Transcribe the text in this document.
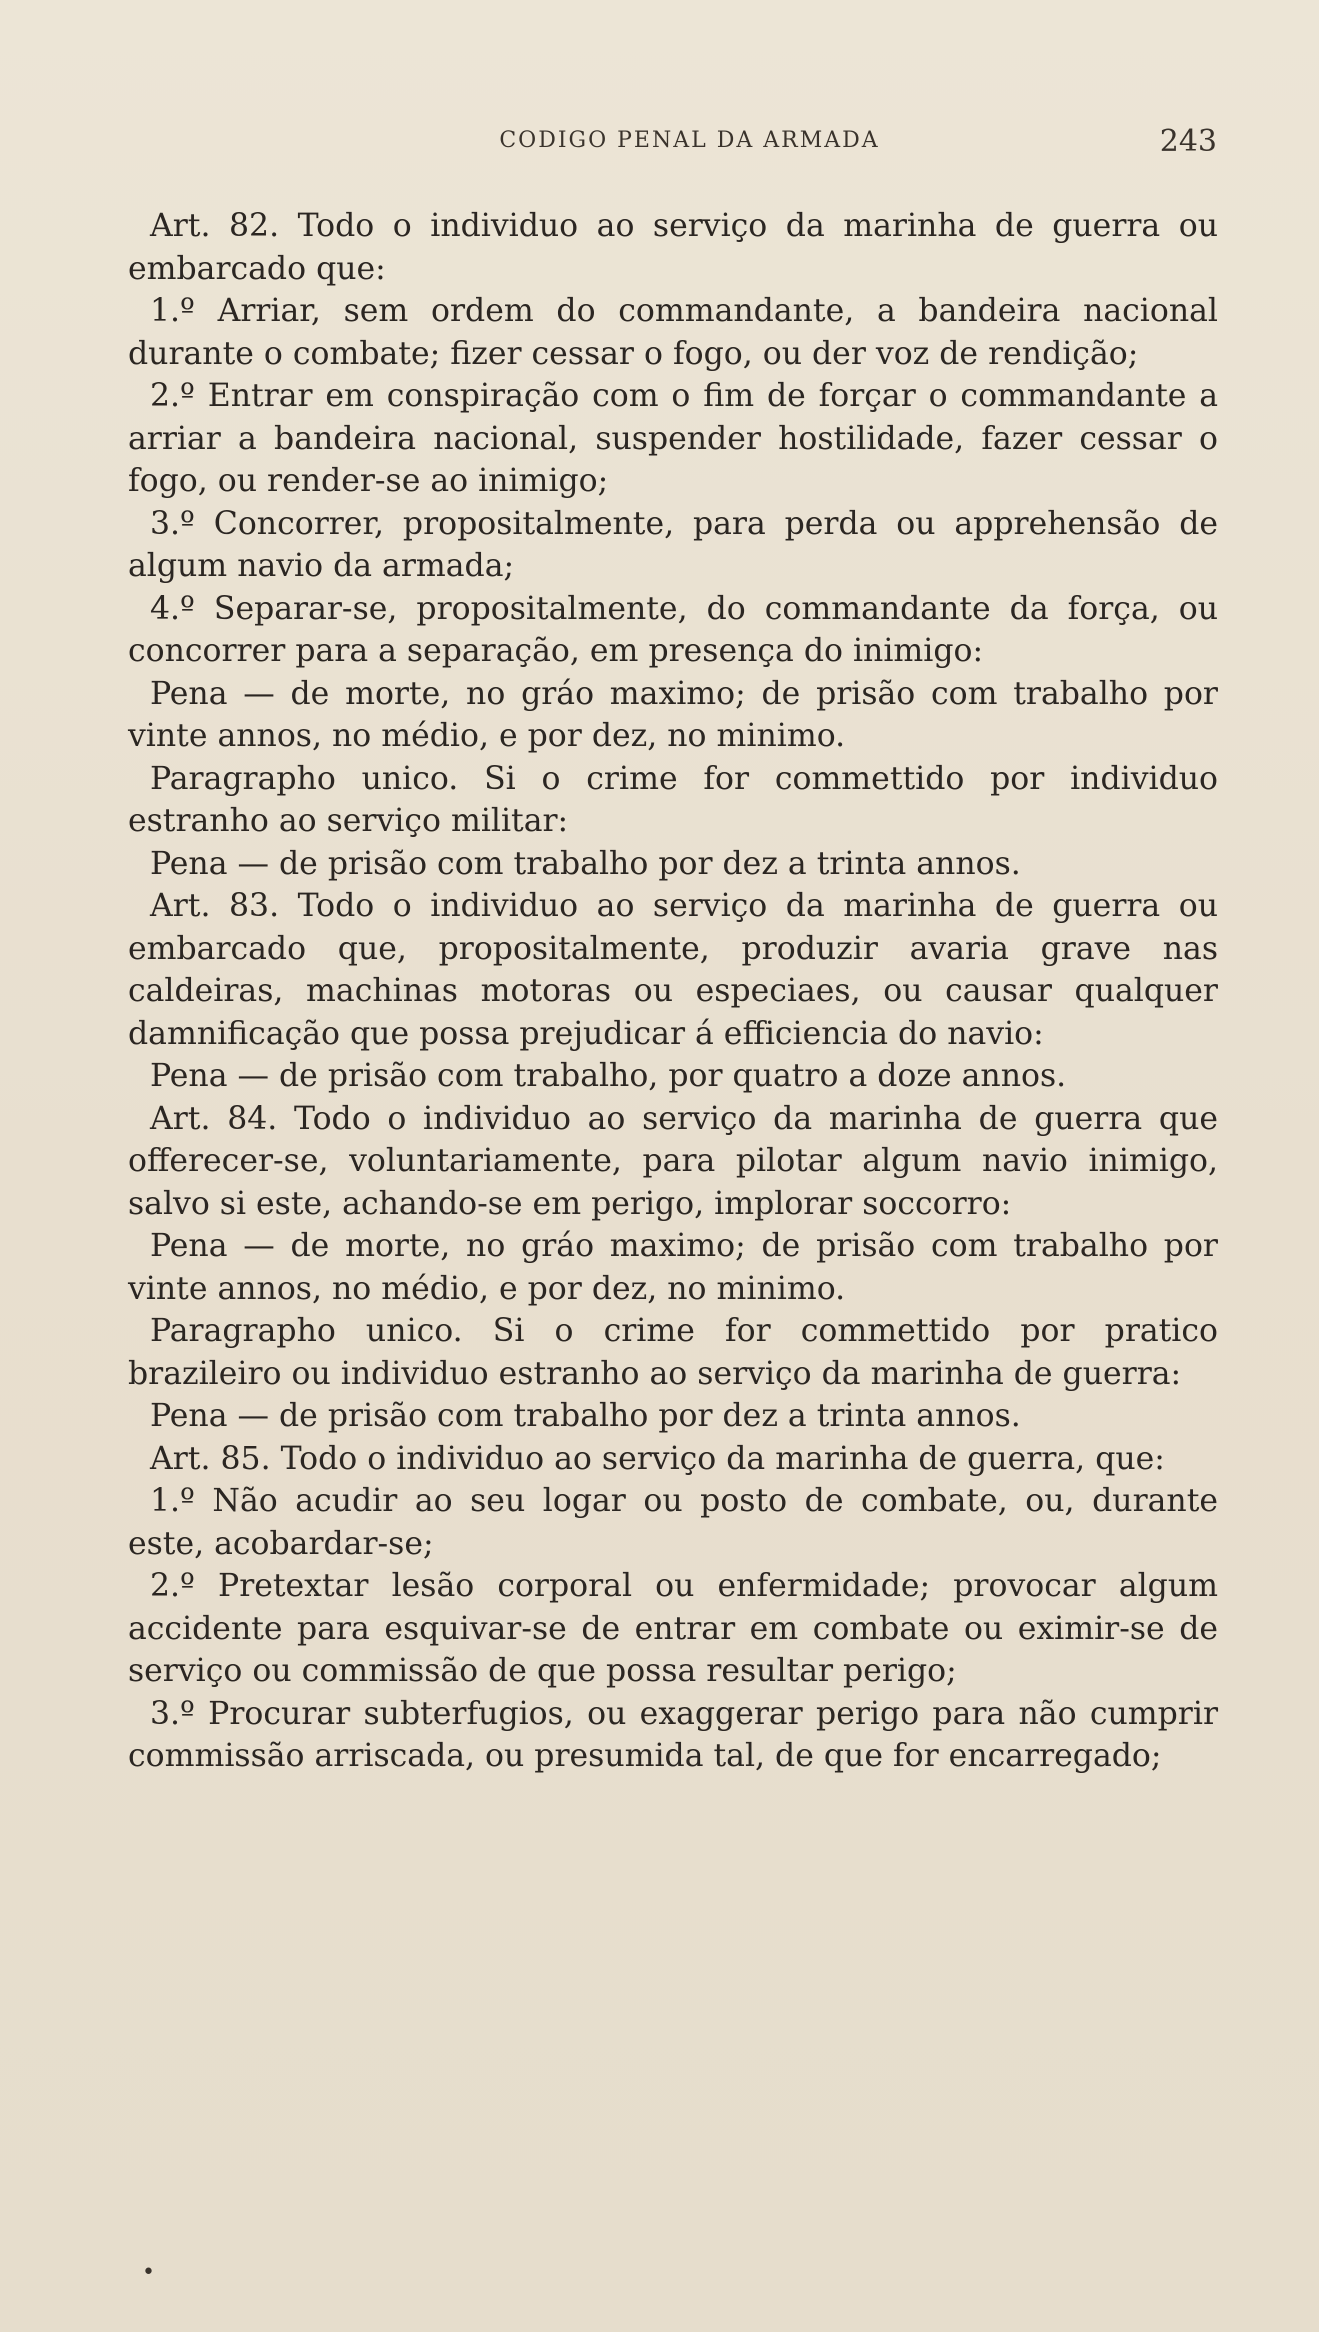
CODIGO PENAL DA ARMADA	243

Art. 82. Todo o individuo ao serviço da marinha de guerra ou embarcado que:

1.º Arriar, sem ordem do commandante, a bandeira nacional durante o combate; fizer cessar o fogo, ou der voz de rendição;

2.º Entrar em conspiração com o fim de forçar o commandante a arriar a bandeira nacional, suspender hostilidade, fazer cessar o fogo, ou render-se ao inimigo;

3.º Concorrer, propositalmente, para perda ou apprehensão de algum navio da armada;

4.º Separar-se, propositalmente, do commandante da força, ou concorrer para a separação, em presença do inimigo:

Pena — de morte, no gráo maximo; de prisão com trabalho por vinte annos, no médio, e por dez, no minimo.

Paragrapho unico. Si o crime for commettido por individuo estranho ao serviço militar:

Pena — de prisão com trabalho por dez a trinta annos.

Art. 83. Todo o individuo ao serviço da marinha de guerra ou embarcado que, propositalmente, produzir avaria grave nas caldeiras, machinas motoras ou especiaes, ou causar qualquer damnificação que possa prejudicar á efficiencia do navio:

Pena — de prisão com trabalho, por quatro a doze annos.

Art. 84. Todo o individuo ao serviço da marinha de guerra que offerecer-se, voluntariamente, para pilotar algum navio inimigo, salvo si este, achando-se em perigo, implorar soccorro:

Pena — de morte, no gráo maximo; de prisão com trabalho por vinte annos, no médio, e por dez, no minimo.

Paragrapho unico. Si o crime for commettido por pratico brazileiro ou individuo estranho ao serviço da marinha de guerra:

Pena — de prisão com trabalho por dez a trinta annos.

Art. 85. Todo o individuo ao serviço da marinha de guerra, que:

1.º Não acudir ao seu logar ou posto de combate, ou, durante este, acobardar-se;

2.º Pretextar lesão corporal ou enfermidade; provocar algum accidente para esquivar-se de entrar em combate ou eximir-se de serviço ou commissão de que possa resultar perigo;

3.º Procurar subterfugios, ou exaggerar perigo para não cumprir commissão arriscada, ou presumida tal, de que for encarregado;

•
